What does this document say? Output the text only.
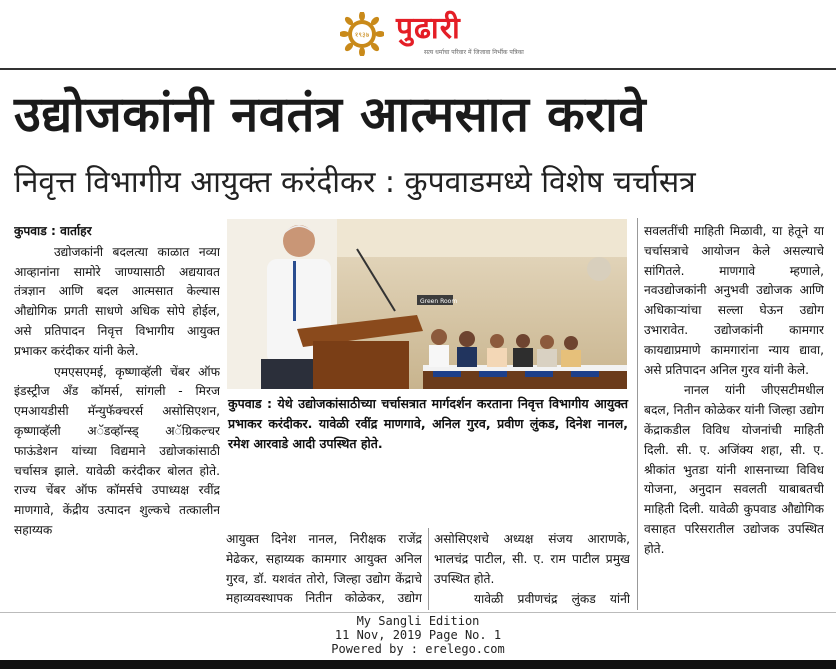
१९३७ पुढारी
सत्य धर्माचा परिवार में जिजावा निर्भीक पत्रिका
उद्योजकांनी नवतंत्र आत्मसात करावे
निवृत्त विभागीय आयुक्त करंदीकर : कुपवाडमध्ये विशेष चर्चासत्र

कुपवाड : वार्ताहर

उद्योजकांनी बदलत्या काळात नव्या आव्हानांना सामोरे जाण्यासाठी अद्ययावत तंत्रज्ञान आणि बदल आत्मसात केल्यास औद्योगिक प्रगती साधणे अधिक सोपे होईल, असे प्रतिपादन निवृत्त विभागीय आयुक्त प्रभाकर करंदीकर यांनी केले.

एमएसएमई, कृष्णाव्हॅली चेंबर ऑफ इंडस्ट्रीज अँड कॉमर्स, सांगली - मिरज एमआयडीसी मॅन्युफॅक्चरर्स असोसिएशन, कृष्णाव्हॅली अॅडव्हॉन्स्ड् अॅग्रिकल्चर फाऊंडेशन यांच्या विद्यमाने उद्योजकांसाठी चर्चासत्र झाले. यावेळी करंदीकर बोलत होते. राज्य चेंबर ऑफ कॉमर्सचे उपाध्यक्ष रवींद्र माणगावे, केंद्रीय उत्पादन शुल्कचे तत्कालीन सहाय्यक

Green Room
कुपवाड : येथे उद्योजकांसाठीच्या चर्चासत्रात मार्गदर्शन करताना निवृत्त विभागीय आयुक्त प्रभाकर करंदीकर. यावेळी रवींद्र माणगावे, अनिल गुरव, प्रवीण लुंकड, दिनेश नानल, रमेश आरवाडे आदी उपस्थित होते.

आयुक्त दिनेश नानल, निरीक्षक राजेंद्र मेढेकर, सहाय्यक कामगार आयुक्त अनिल गुरव, डॉ. यशवंत तोरो, जिल्हा उद्योग केंद्राचे महाव्यवस्थापक नितीन कोळेकर, उद्योग

असोसिएशचे अध्यक्ष संजय आराणके, भालचंद्र पाटील, सी. ए. राम पाटील प्रमुख उपस्थित होते.

यावेळी प्रवीणचंद्र लुंकड यांनी

सवलतींची माहिती मिळावी, या हेतूने या चर्चासत्राचे आयोजन केले असल्याचे सांगितले. माणगावे म्हणाले, नवउद्योजकांनी अनुभवी उद्योजक आणि अधिकाऱ्यांचा सल्ला घेऊन उद्योग उभारावेत. उद्योजकांनी कामगार कायद्याप्रमाणे कामगारांना न्याय द्यावा, असे प्रतिपादन अनिल गुरव यांनी केले.

नानल यांनी जीएसटीमधील बदल, नितीन कोळेकर यांनी जिल्हा उद्योग केंद्राकडील विविध योजनांची माहिती दिली. सी. ए. अजिंक्य शहा, सी. ए. श्रीकांत भुतडा यांनी शासनाच्या विविध योजना, अनुदान सवलती याबाबतची माहिती दिली. यावेळी कुपवाड औद्योगिक वसाहत परिसरातील उद्योजक उपस्थित होते.

My Sangli Edition
11 Nov, 2019 Page No. 1
Powered by : erelego.com
